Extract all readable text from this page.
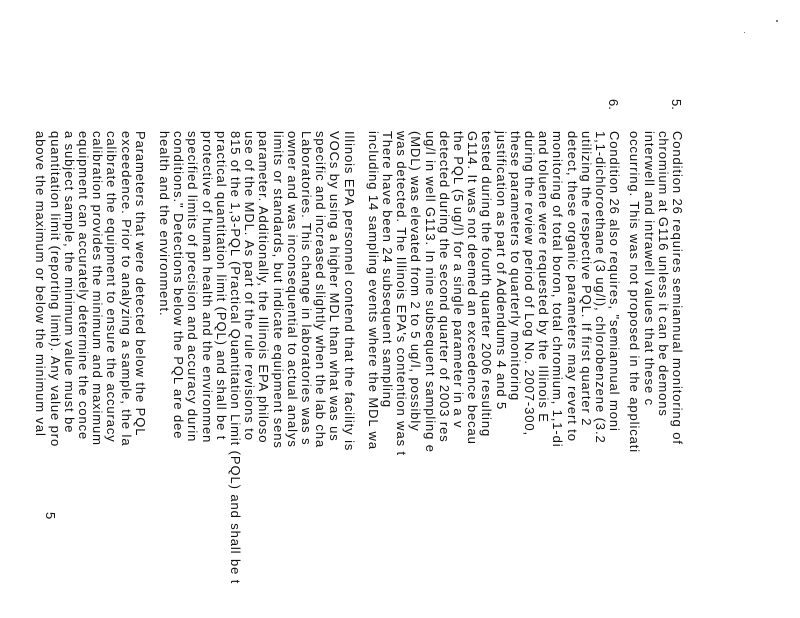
5.
Condition 26 requires semiannual monitoring of
chromium at G116 unless it can be demons
interwell and intrawell values that these c
occurring. This was not proposed in the applicati
6.
Condition 26 also requires, "semiannual moni
1,1-dichloroethane (3 ug/l), chlorobenzene (3.2
utilizing the respective PQL. If first quarter 2
detect, these organic parameters may revert to
monitoring of total boron, total chromium, 1,1-di
and toluene were requested by the Illinois E
during the review period of Log No. 2007-300,
these parameters to quarterly monitoring
justification as part of Addendums 4 and 5
tested during the fourth quarter 2006 resulting
G114. It was not deemed an exceedence becau
the PQL (5 ug/l) for a single parameter in a v
detected during the second quarter of 2003 res
ug/l in well G113. In nine subsequent sampling e
(MDL) was elevated from 2 to 5 ug/l, possibly
was detected. The Illinois EPA's contention was t
There have been 24 subsequent sampling
including 14 sampling events where the MDL wa
Illinois EPA personnel contend that the facility is
VOCs by using a higher MDL than what was us
specific and increased slightly when the lab cha
Laboratories. This change in laboratories was s
owner and was inconsequential to actual analys
limits or standards, but indicate equipment sens
parameter. Additionally, the Illinois EPA philoso
use of the MDL. As part of the rule revisions to
815 of the 1,3-PQL (Practical Quantitation Limit (PQL) and shall be t
practical quantitation limit (PQL) and shall be t
protective of human health and the environmen
specified limits of precision and accuracy durin
conditions." Detections below the PQL are dee
health and the environment.
Parameters that were detected below the PQL
exceedence. Prior to analyzing a sample, the la
calibrate the equipment to ensure the accuracy
calibration provides the minimum and maximum
equipment can accurately determine the conce
a subject sample, the minimum value must be
quantitation limit (reporting limit). Any value pro
above the maximum or below the minimum val
5
